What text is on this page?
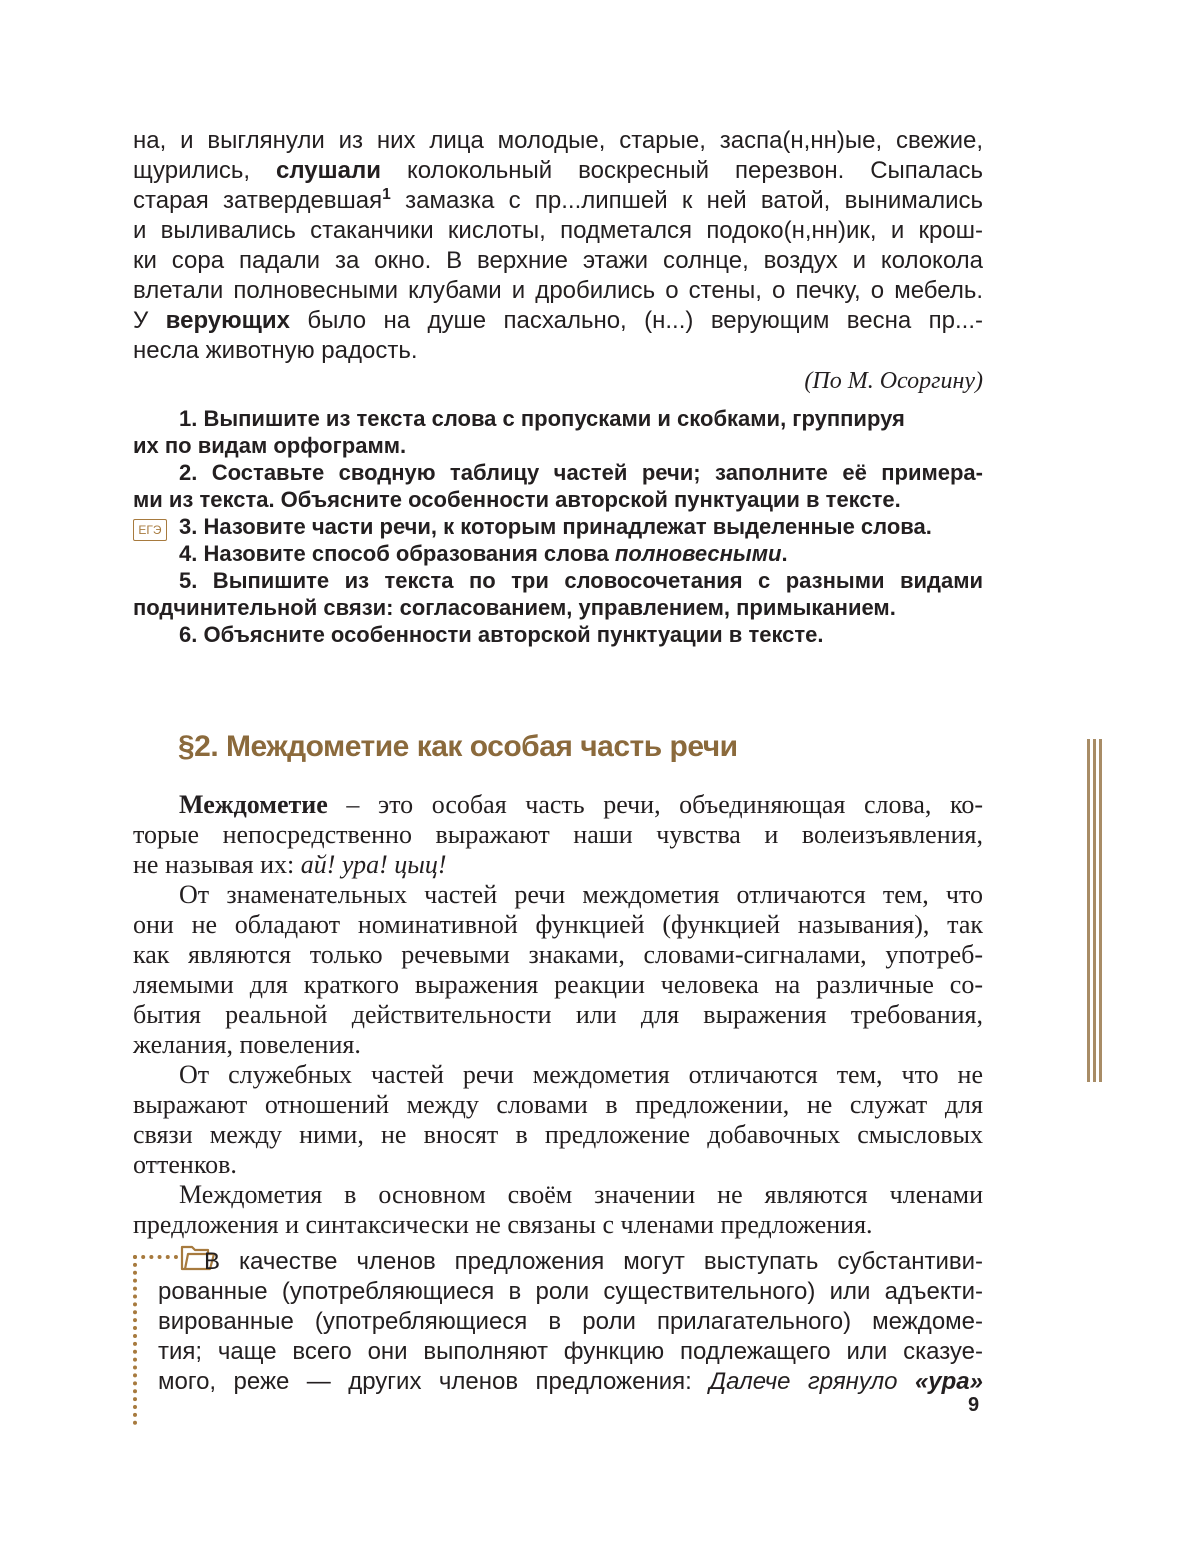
на, и выглянули из них лица молодые, старые, заспа(н,нн)ые, свежие,
щурились, слушали колокольный воскресный перезвон. Сыпалась
старая затвердевшая$^1$ замазка с пр...липшей к ней ватой, вынимались
и выливались стаканчики кислоты, подметался подоко(н,нн)ик, и крош-
ки сора падали за окно. В верхние этажи солнце, воздух и колокола
влетали полновесными клубами и дробились о стены, о печку, о мебель.
У верующих было на душе пасхально, (н...) верующим весна пр...-
несла животную радость.
(По М. Осоргину)
ЕГЭ
1. Выпишите из текста слова с пропусками и скобками, группируя
их по видам орфограмм.
2. Составьте сводную таблицу частей речи; заполните её примера-
ми из текста. Объясните особенности авторской пунктуации в тексте.
3. Назовите части речи, к которым принадлежат выделенные слова.
4. Назовите способ образования слова полновесными.
5. Выпишите из текста по три словосочетания с разными видами
подчинительной связи: согласованием, управлением, примыканием.
6. Объясните особенности авторской пунктуации в тексте.
§2. Междометие как особая часть речи
Междометие – это особая часть речи, объединяющая слова, ко-
торые непосредственно выражают наши чувства и волеизъявления,
не называя их: ай! ура! цыц!
От знаменательных частей речи междометия отличаются тем, что
они не обладают номинативной функцией (функцией называния), так
как являются только речевыми знаками, словами-сигналами, употреб-
ляемыми для краткого выражения реакции человека на различные со-
бытия реальной действительности или для выражения требования,
желания, повеления.
От служебных частей речи междометия отличаются тем, что не
выражают отношений между словами в предложении, не служат для
связи между ними, не вносят в предложение добавочных смысловых
оттенков.
Междометия в основном своём значении не являются членами
предложения и синтаксически не связаны с членами предложения.
В качестве членов предложения могут выступать субстантиви-
рованные (употребляющиеся в роли существительного) или адъекти-
вированные (употребляющиеся в роли прилагательного) междоме-
тия; чаще всего они выполняют функцию подлежащего или сказуе-
мого, реже — других членов предложения: Далече грянуло «ура»
9
